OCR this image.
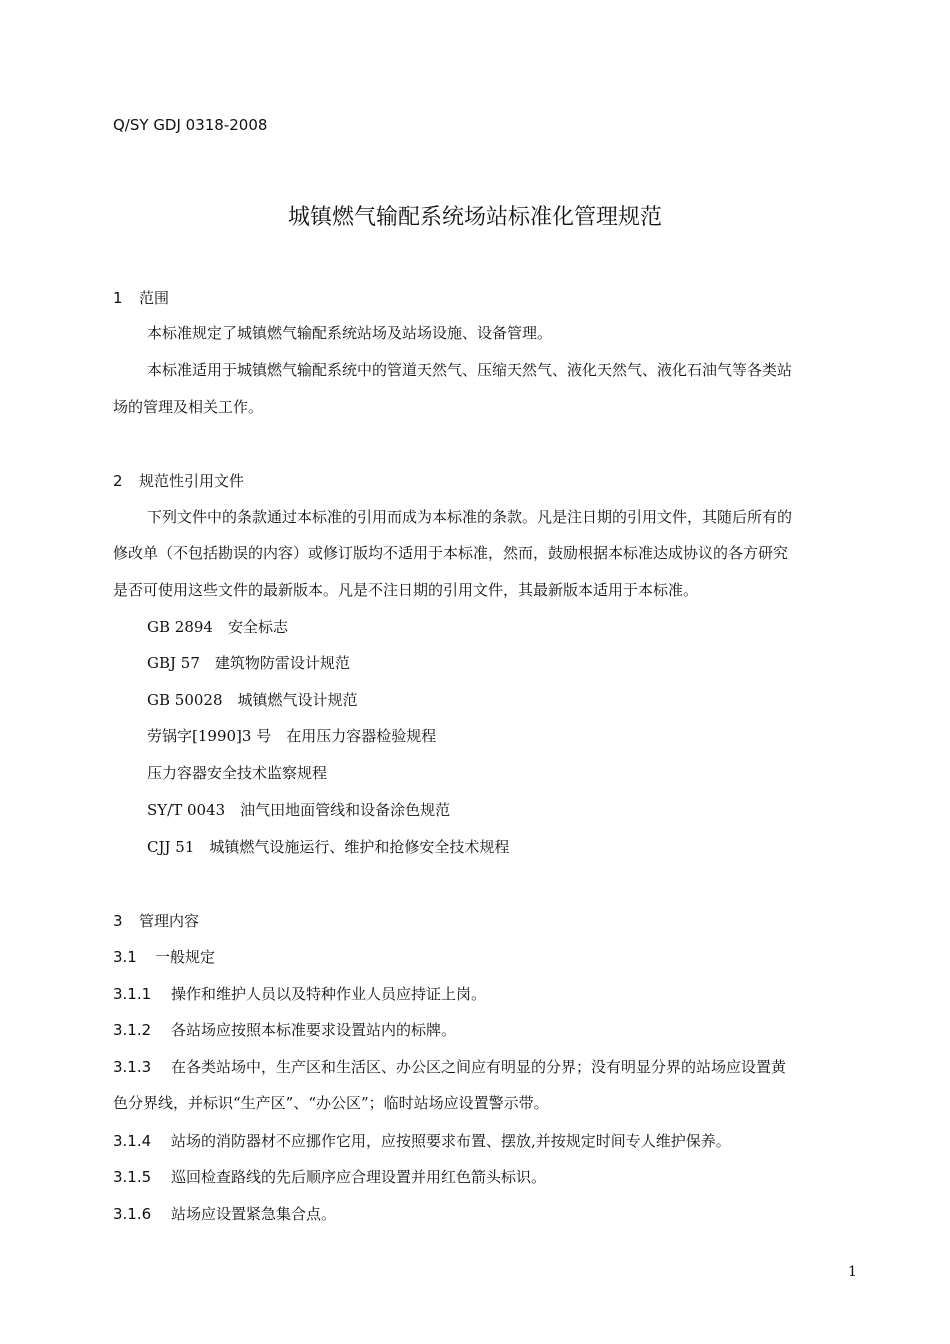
Q/SY GDJ 0318-2008
城镇燃气输配系统场站标准化管理规范
1 范围
本标准规定了城镇燃气输配系统站场及站场设施、设备管理。
本标准适用于城镇燃气输配系统中的管道天然气、压缩天然气、液化天然气、液化石油气等各类站
场的管理及相关工作。
2 规范性引用文件
下列文件中的条款通过本标准的引用而成为本标准的条款。凡是注日期的引用文件，其随后所有的
修改单（不包括勘误的内容）或修订版均不适用于本标准，然而，鼓励根据本标准达成协议的各方研究
是否可使用这些文件的最新版本。凡是不注日期的引用文件，其最新版本适用于本标准。
GB 2894　安全标志
GBJ 57　建筑物防雷设计规范
GB 50028　城镇燃气设计规范
劳锅字[1990]3 号　在用压力容器检验规程
压力容器安全技术监察规程
SY/T 0043　油气田地面管线和设备涂色规范
CJJ 51　城镇燃气设施运行、维护和抢修安全技术规程
3 管理内容
3.1 一般规定
3.1.1 操作和维护人员以及特种作业人员应持证上岗。
3.1.2 各站场应按照本标准要求设置站内的标牌。
3.1.3 在各类站场中，生产区和生活区、办公区之间应有明显的分界；没有明显分界的站场应设置黄
色分界线，并标识“生产区”、“办公区”；临时站场应设置警示带。
3.1.4 站场的消防器材不应挪作它用，应按照要求布置、摆放,并按规定时间专人维护保养。
3.1.5 巡回检查路线的先后顺序应合理设置并用红色箭头标识。
3.1.6 站场应设置紧急集合点。
1
